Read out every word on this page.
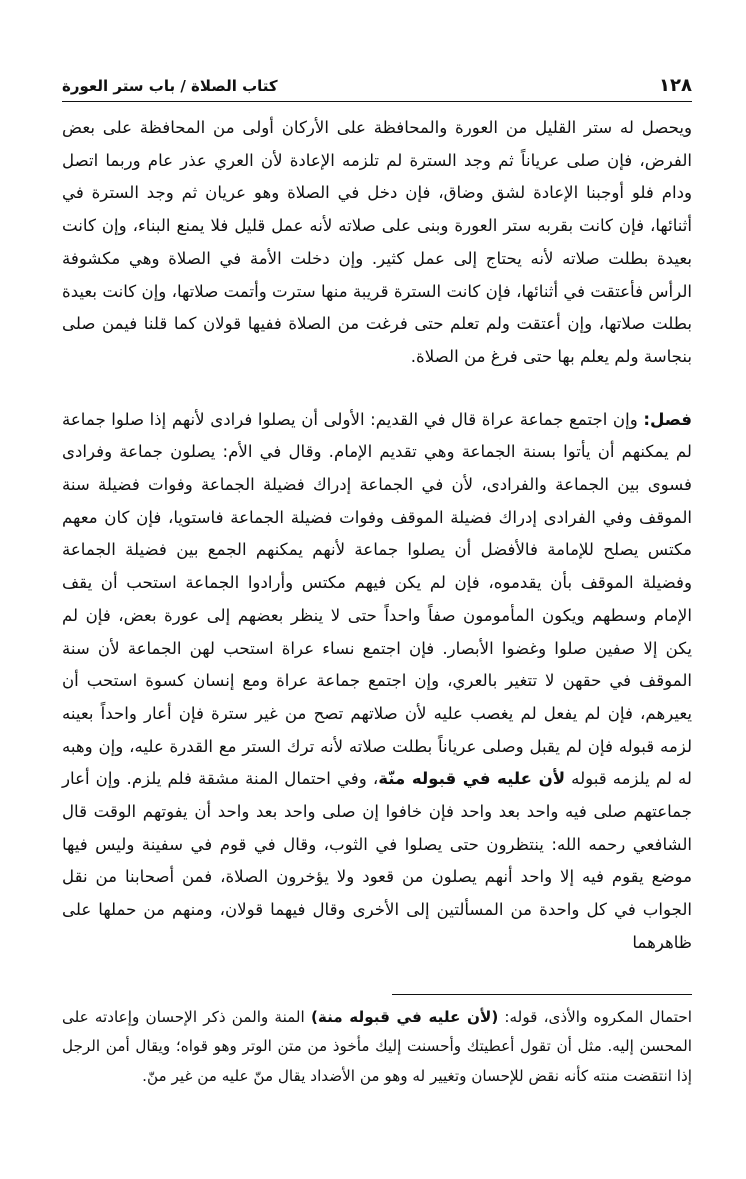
١٢٨
كتاب الصلاة / باب ستر العورة

ويحصل له ستر القليل من العورة والمحافظة على الأركان أولى من المحافظة على بعض الفرض، فإن صلى عرياناً ثم وجد السترة لم تلزمه الإعادة لأن العري عذر عام وربما اتصل ودام فلو أوجبنا الإعادة لشق وضاق، فإن دخل في الصلاة وهو عريان ثم وجد السترة في أثنائها، فإن كانت بقربه ستر العورة وبنى على صلاته لأنه عمل قليل فلا يمنع البناء، وإن كانت بعيدة بطلت صلاته لأنه يحتاج إلى عمل كثير. وإن دخلت الأمة في الصلاة وهي مكشوفة الرأس فأعتقت في أثنائها، فإن كانت السترة قريبة منها سترت وأتمت صلاتها، وإن كانت بعيدة بطلت صلاتها، وإن أعتقت ولم تعلم حتى فرغت من الصلاة ففيها قولان كما قلنا فيمن صلى بنجاسة ولم يعلم بها حتى فرغ من الصلاة.

فصل: وإن اجتمع جماعة عراة قال في القديم: الأولى أن يصلوا فرادى لأنهم إذا صلوا جماعة لم يمكنهم أن يأتوا بسنة الجماعة وهي تقديم الإمام. وقال في الأم: يصلون جماعة وفرادى فسوى بين الجماعة والفرادى، لأن في الجماعة إدراك فضيلة الجماعة وفوات فضيلة سنة الموقف وفي الفرادى إدراك فضيلة الموقف وفوات فضيلة الجماعة فاستويا، فإن كان معهم مكتس يصلح للإمامة فالأفضل أن يصلوا جماعة لأنهم يمكنهم الجمع بين فضيلة الجماعة وفضيلة الموقف بأن يقدموه، فإن لم يكن فيهم مكتس وأرادوا الجماعة استحب أن يقف الإمام وسطهم ويكون المأمومون صفاً واحداً حتى لا ينظر بعضهم إلى عورة بعض، فإن لم يكن إلا صفين صلوا وغضوا الأبصار. فإن اجتمع نساء عراة استحب لهن الجماعة لأن سنة الموقف في حقهن لا تتغير بالعري، وإن اجتمع جماعة عراة ومع إنسان كسوة استحب أن يعيرهم، فإن لم يفعل لم يغصب عليه لأن صلاتهم تصح من غير سترة فإن أعار واحداً بعينه لزمه قبوله فإن لم يقبل وصلى عرياناً بطلت صلاته لأنه ترك الستر مع القدرة عليه، وإن وهبه له لم يلزمه قبوله لأن عليه في قبوله منّة، وفي احتمال المنة مشقة فلم يلزم. وإن أعار جماعتهم صلى فيه واحد بعد واحد فإن خافوا إن صلى واحد بعد واحد أن يفوتهم الوقت قال الشافعي رحمه الله: ينتظرون حتى يصلوا في الثوب، وقال في قوم في سفينة وليس فيها موضع يقوم فيه إلا واحد أنهم يصلون من قعود ولا يؤخرون الصلاة، فمن أصحابنا من نقل الجواب في كل واحدة من المسألتين إلى الأخرى وقال فيهما قولان، ومنهم من حملها على ظاهرهما

احتمال المكروه والأذى، قوله: (لأن عليه في قبوله منة) المنة والمن ذكر الإحسان وإعادته على المحسن إليه. مثل أن تقول أعطيتك وأحسنت إليك مأخوذ من متن الوتر وهو قواه؛ ويقال أمن الرجل إذا انتقضت منته كأنه نقض للإحسان وتغيير له وهو من الأضداد يقال منّ عليه من غير منّ.
